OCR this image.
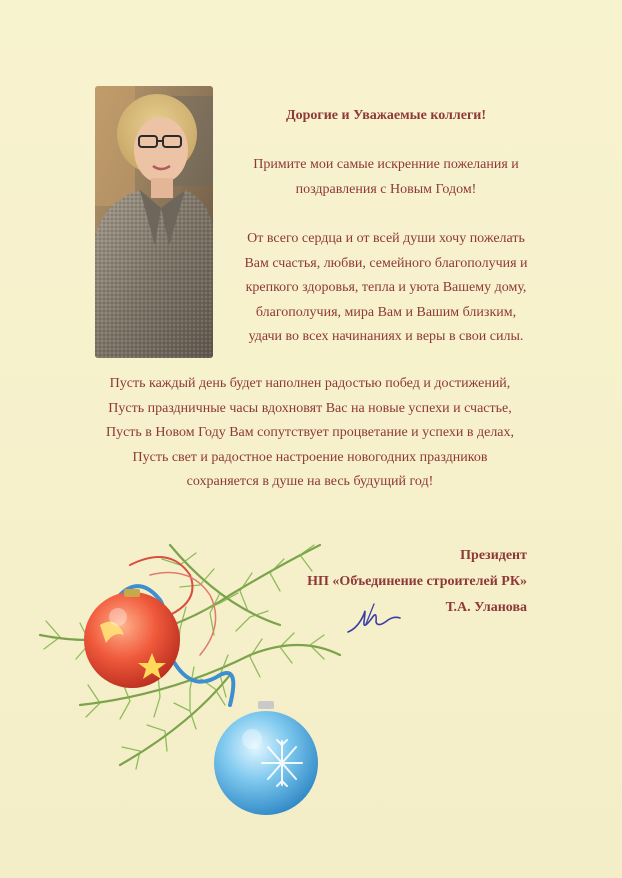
Дорогие и Уважаемые коллеги!
Примите мои самые искренние пожелания и
поздравления с Новым Годом!
От всего сердца и от всей души хочу пожелать
Вам счастья, любви, семейного благополучия и
крепкого здоровья, тепла и уюта Вашему дому,
благополучия, мира Вам и Вашим близким,
удачи во всех начинаниях и веры в свои силы.
Пусть каждый день будет наполнен радостью побед и достижений,
Пусть праздничные часы вдохновят Вас на новые успехи и счастье,
Пусть в Новом Году Вам сопутствует процветание и успехи в делах,
Пусть свет и радостное настроение новогодних праздников
сохраняется в душе на весь будущий год!
Президент
НП «Объединение строителей РК»
Т.А. Уланова
